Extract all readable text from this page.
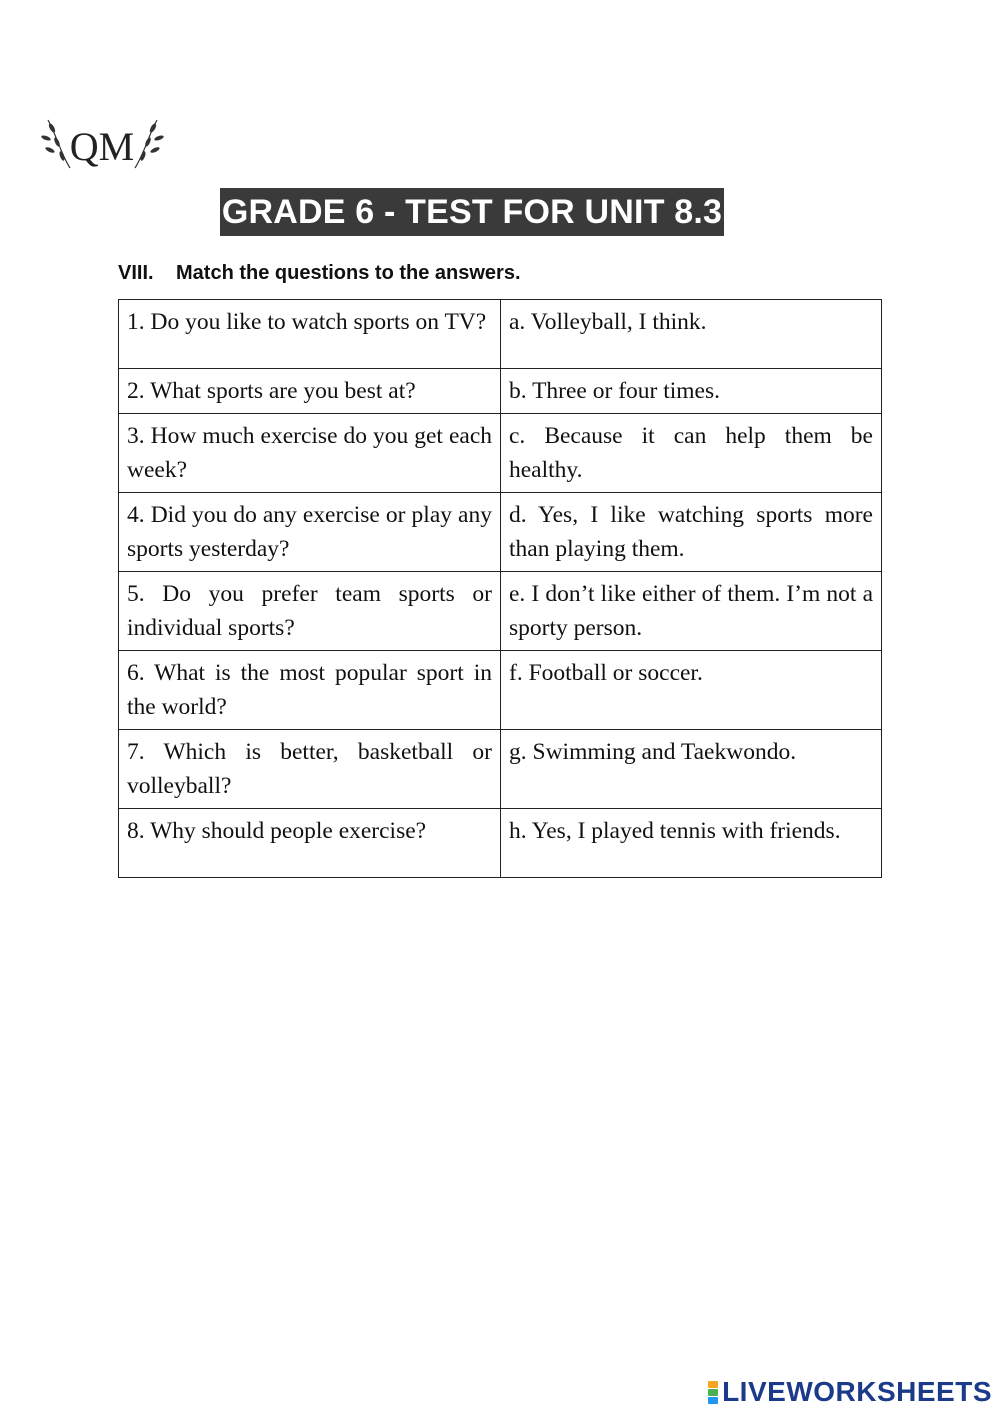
QM
GRADE 6 - TEST FOR UNIT 8.3
VIII. Match the questions to the answers.
1. Do you like to watch sports on TV?	a. Volleyball, I think.
2. What sports are you best at?	b. Three or four times.
3. How much exercise do you get each week?	c. Because it can help them be healthy.
4. Did you do any exercise or play any sports yesterday?	d. Yes, I like watching sports more than playing them.
5. Do you prefer team sports or individual sports?	e. I don’t like either of them. I’m not a sporty person.
6. What is the most popular sport in the world?	f. Football or soccer.
7. Which is better, basketball or volleyball?	g. Swimming and Taekwondo.
8. Why should people exercise?	h. Yes, I played tennis with friends.
LIVEWORKSHEETS
